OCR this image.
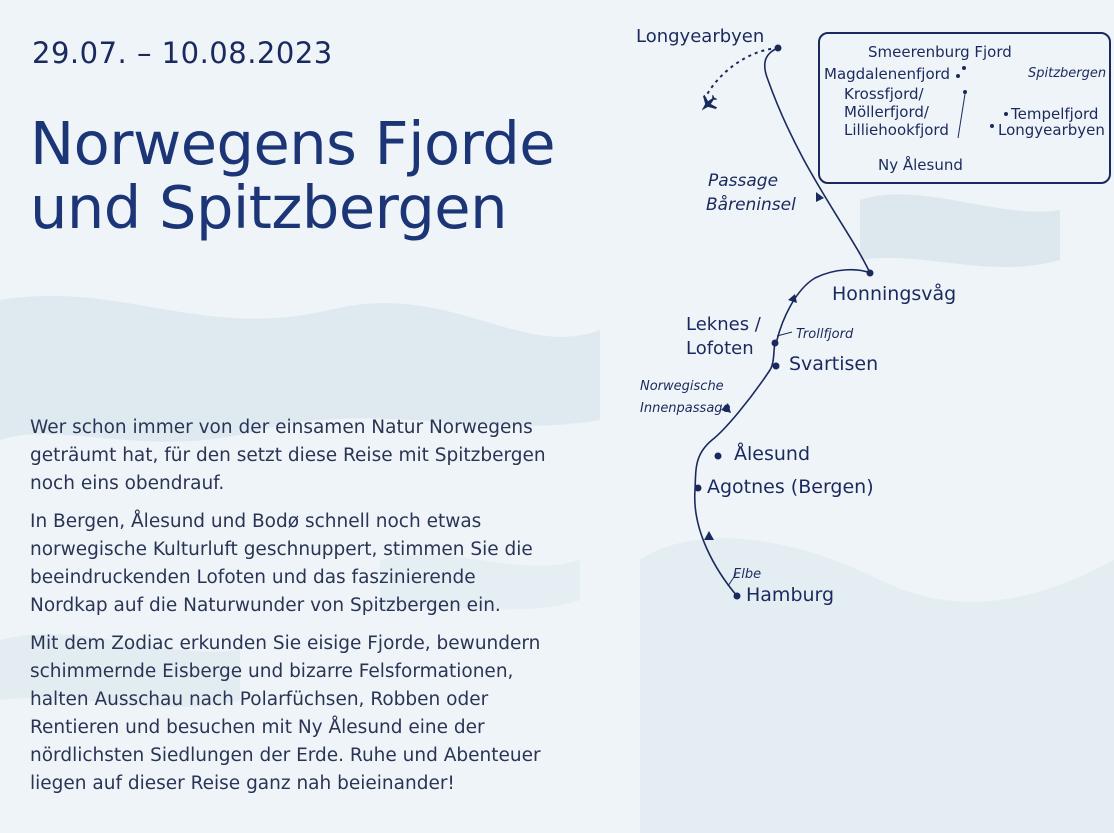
29.07. – 10.08.2023
Norwegens Fjorde
und Spitzbergen

Wer schon immer von der einsamen Natur Norwegens geträumt hat, für den setzt diese Reise mit Spitzbergen noch eins obendrauf.

In Bergen, Ålesund und Bodø schnell noch etwas norwegische Kulturluft geschnuppert, stimmen Sie die beeindruckenden Lofoten und das faszinierende Nordkap auf die Naturwunder von Spitzbergen ein.

Mit dem Zodiac erkunden Sie eisige Fjorde, bewundern schimmernde Eisberge und bizarre Felsformationen, halten Ausschau nach Polarfüchsen, Robben oder Rentieren und besuchen mit Ny Ålesund eine der nördlichsten Siedlungen der Erde. Ruhe und Abenteuer liegen auf dieser Reise ganz nah beieinander!

Longyearbyen
Passage
Båreninsel
Honningsvåg
Leknes /
Lofoten
Trollfjord
Svartisen
Norwegische
Innenpassage
Ålesund
Agotnes (Bergen)
Elbe
Hamburg
Smeerenburg Fjord
Spitzbergen
Magdalenenfjord
Krossfjord/
Möllerfjord/
Lilliehookfjord
Tempelfjord
Longyearbyen
Ny Ålesund
